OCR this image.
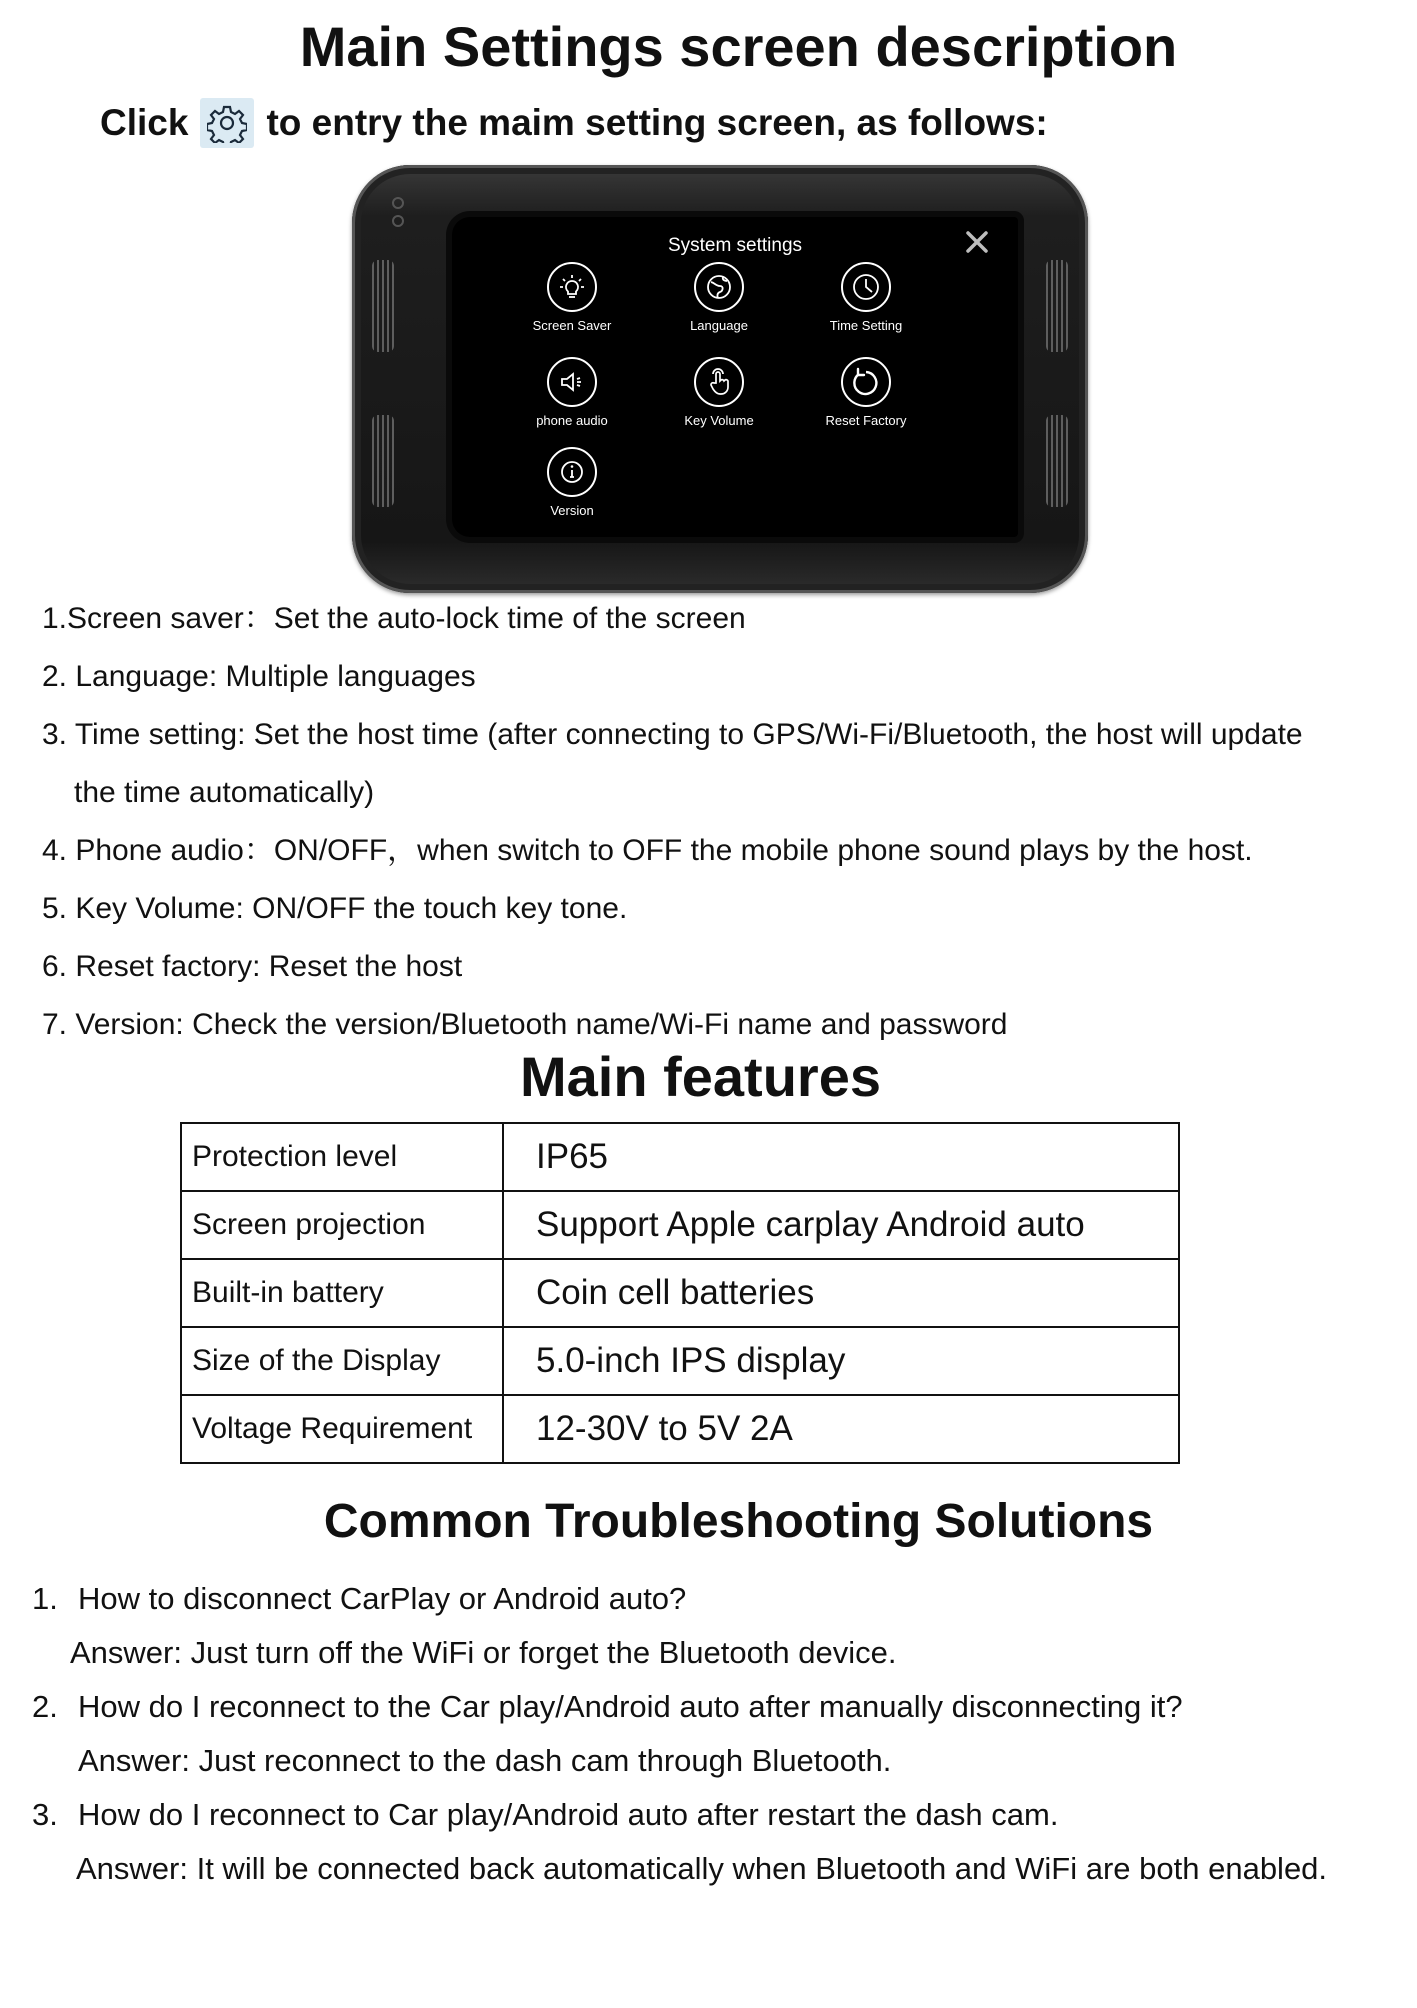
Main Settings screen description
Click to entry the maim setting screen, as follows:
System settings
Screen Saver	Language	Time Setting
phone audio	Key Volume	Reset Factory
Version

1.Screen saver：Set the auto-lock time of the screen

2. Language: Multiple languages

3. Time setting: Set the host time (after connecting to GPS/Wi-Fi/Bluetooth, the host will update

the time automatically)

4. Phone audio：ON/OFF，when switch to OFF the mobile phone sound plays by the host.

5. Key Volume: ON/OFF the touch key tone.

6. Reset factory: Reset the host

7. Version: Check the version/Bluetooth name/Wi-Fi name and password

Main features
Protection level	IP65
Screen projection	Support Apple carplay Android auto
Built-in battery	Coin cell batteries
Size of the Display	5.0-inch IPS display
Voltage Requirement	12-30V to 5V 2A
Common Troubleshooting Solutions

1. How to disconnect CarPlay or Android auto?

Answer: Just turn off the WiFi or forget the Bluetooth device.

2. How do I reconnect to the Car play/Android auto after manually disconnecting it?

Answer: Just reconnect to the dash cam through Bluetooth.

3. How do I reconnect to Car play/Android auto after restart the dash cam.

Answer: It will be connected back automatically when Bluetooth and WiFi are both enabled.
